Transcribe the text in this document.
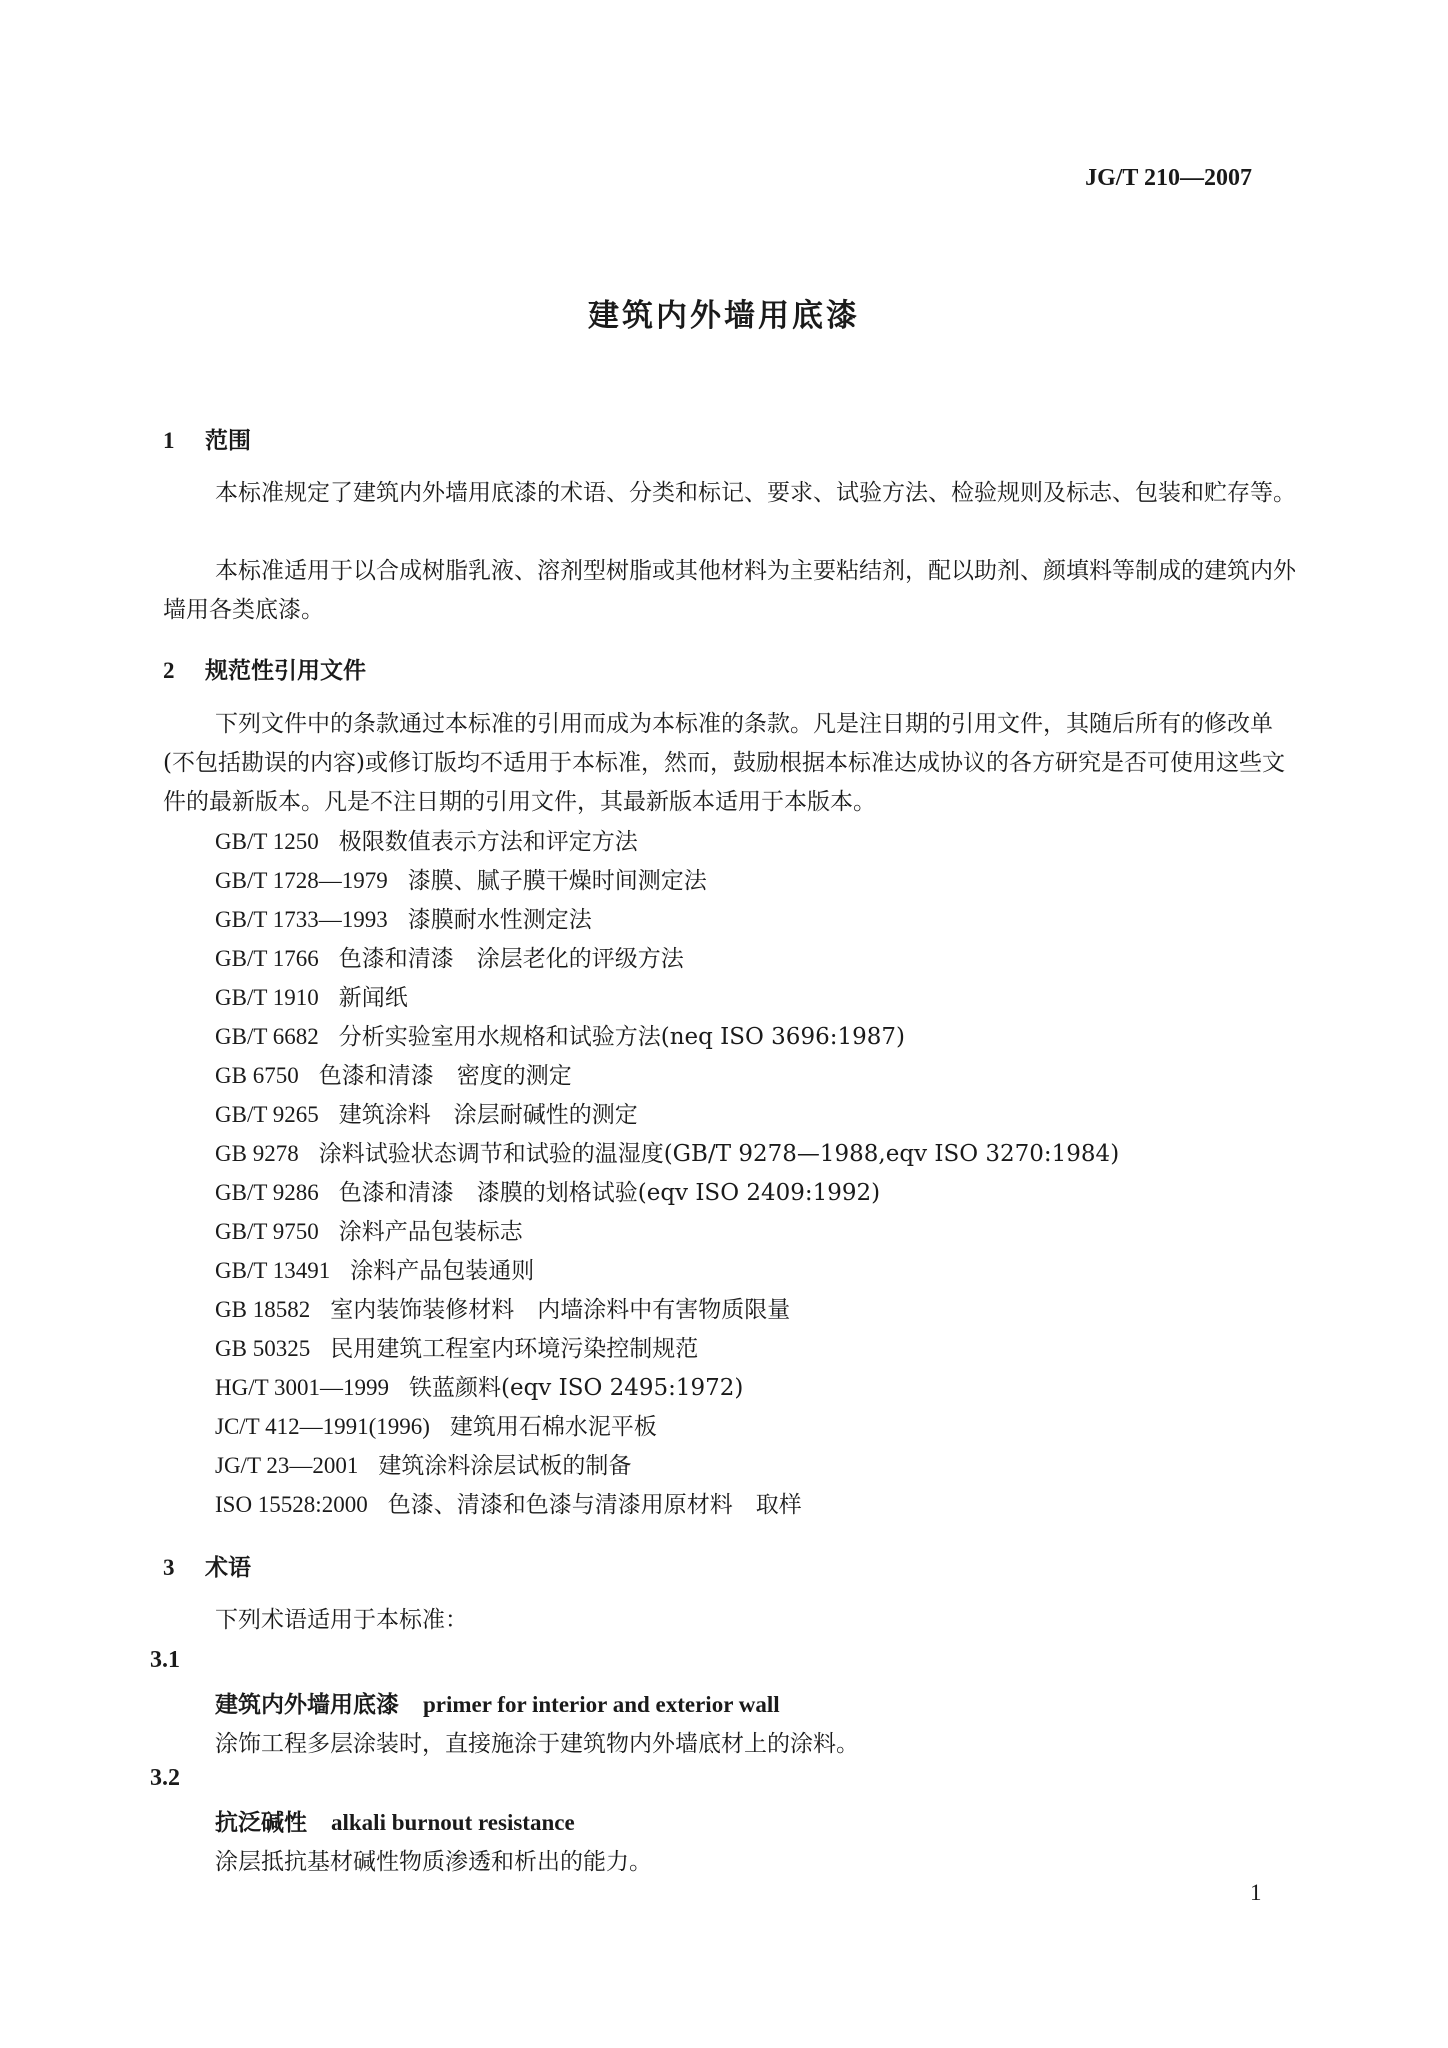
JG/T 210—2007
建筑内外墙用底漆
1 范围
本标准规定了建筑内外墙用底漆的术语、分类和标记、要求、试验方法、检验规则及标志、包装和贮存等。
本标准适用于以合成树脂乳液、溶剂型树脂或其他材料为主要粘结剂，配以助剂、颜填料等制成的建筑内外墙用各类底漆。
2 规范性引用文件
下列文件中的条款通过本标准的引用而成为本标准的条款。凡是注日期的引用文件，其随后所有的修改单(不包括勘误的内容)或修订版均不适用于本标准，然而，鼓励根据本标准达成协议的各方研究是否可使用这些文件的最新版本。凡是不注日期的引用文件，其最新版本适用于本版本。
GB/T 1250 极限数值表示方法和评定方法
GB/T 1728—1979 漆膜、腻子膜干燥时间测定法
GB/T 1733—1993 漆膜耐水性测定法
GB/T 1766 色漆和清漆　涂层老化的评级方法
GB/T 1910 新闻纸
GB/T 6682 分析实验室用水规格和试验方法(neq ISO 3696:1987)
GB 6750 色漆和清漆　密度的测定
GB/T 9265 建筑涂料　涂层耐碱性的测定
GB 9278 涂料试验状态调节和试验的温湿度(GB/T 9278—1988,eqv ISO 3270:1984)
GB/T 9286 色漆和清漆　漆膜的划格试验(eqv ISO 2409:1992)
GB/T 9750 涂料产品包装标志
GB/T 13491 涂料产品包装通则
GB 18582 室内装饰装修材料　内墙涂料中有害物质限量
GB 50325 民用建筑工程室内环境污染控制规范
HG/T 3001—1999 铁蓝颜料(eqv ISO 2495:1972)
JC/T 412—1991(1996) 建筑用石棉水泥平板
JG/T 23—2001 建筑涂料涂层试板的制备
ISO 15528:2000 色漆、清漆和色漆与清漆用原材料　取样
3 术语
下列术语适用于本标准：
3.1
建筑内外墙用底漆 primer for interior and exterior wall
涂饰工程多层涂装时，直接施涂于建筑物内外墙底材上的涂料。
3.2
抗泛碱性 alkali burnout resistance
涂层抵抗基材碱性物质渗透和析出的能力。
1
